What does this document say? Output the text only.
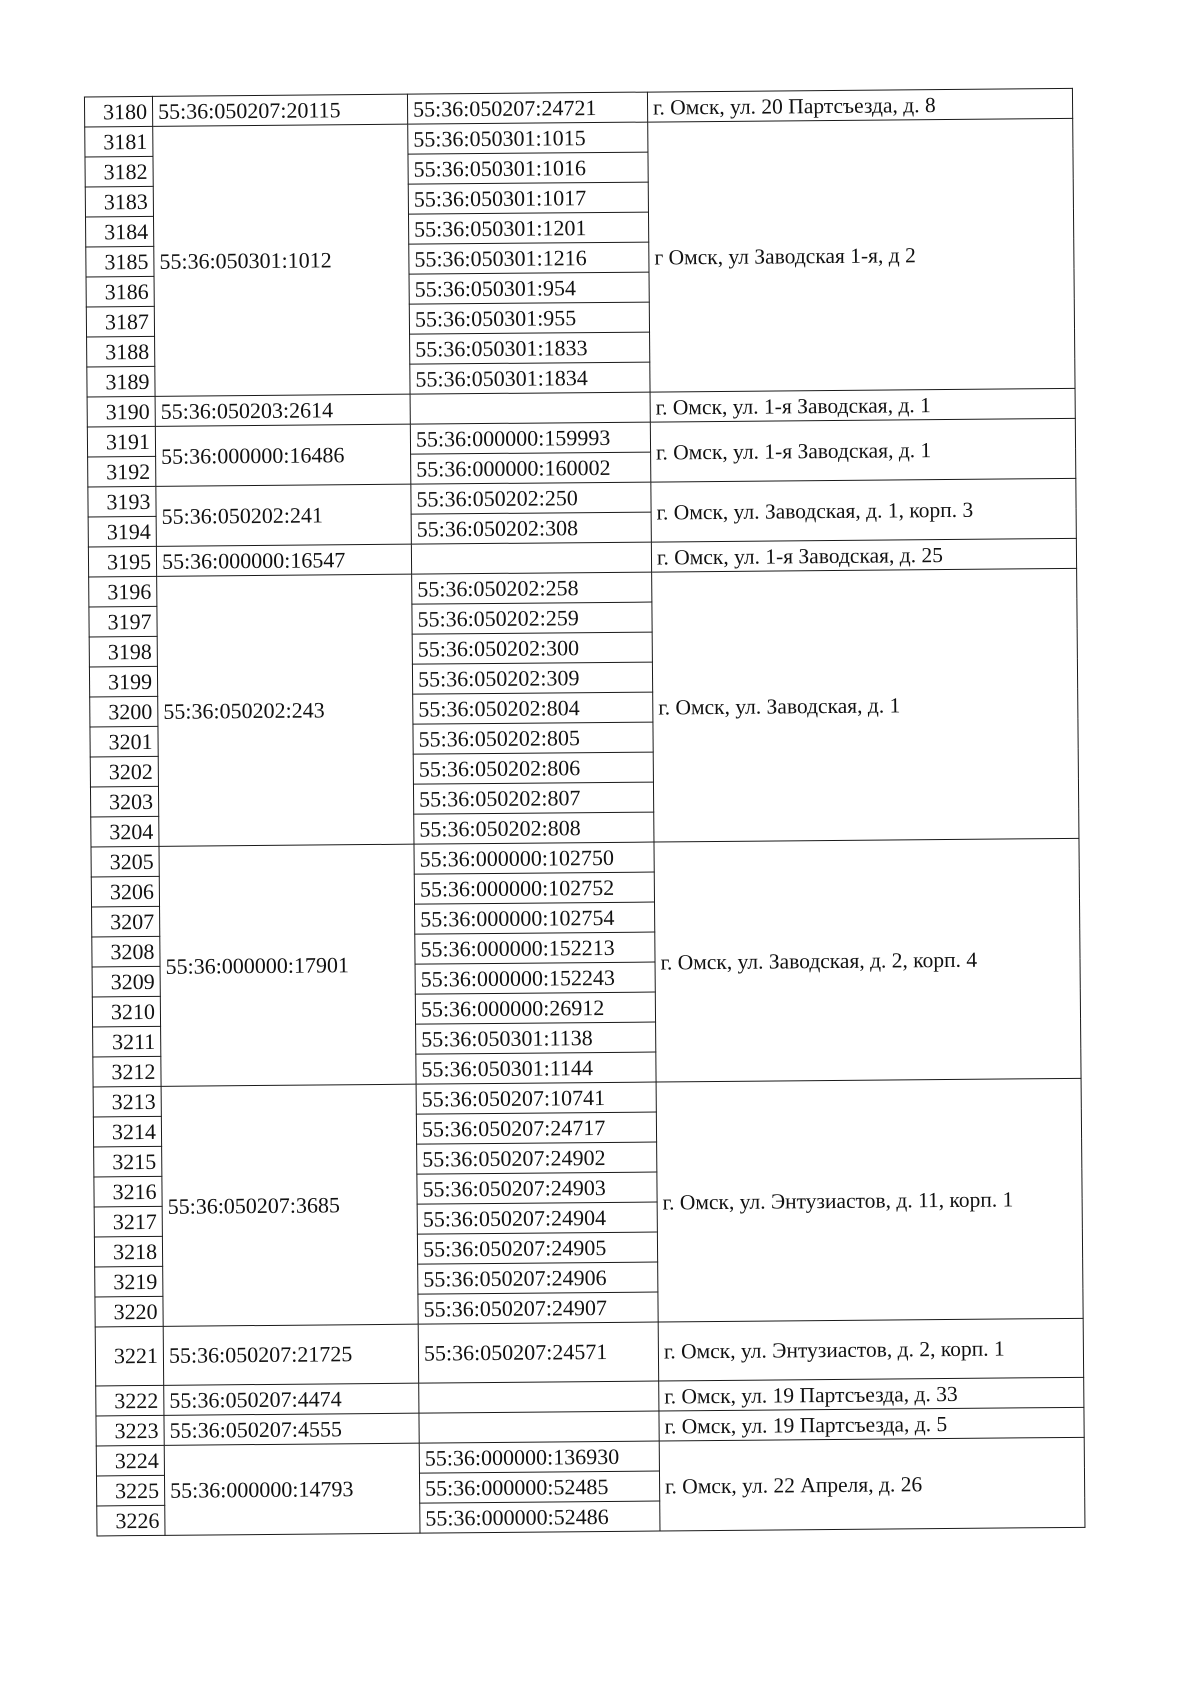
3180	55:36:050207:20115	55:36:050207:24721	г. Омск, ул. 20 Партсъезда, д. 8
3181	55:36:050301:1012	55:36:050301:1015	г Омск, ул Заводская 1-я, д 2
3182		55:36:050301:1016	
3183		55:36:050301:1017	
3184		55:36:050301:1201	
3185		55:36:050301:1216	
3186		55:36:050301:954	
3187		55:36:050301:955	
3188		55:36:050301:1833	
3189		55:36:050301:1834	
3190	55:36:050203:2614		г. Омск, ул. 1-я Заводская, д. 1
3191	55:36:000000:16486	55:36:000000:159993	г. Омск, ул. 1-я Заводская, д. 1
3192		55:36:000000:160002	
3193	55:36:050202:241	55:36:050202:250	г. Омск, ул. Заводская, д. 1, корп. 3
3194		55:36:050202:308	
3195	55:36:000000:16547		г. Омск, ул. 1-я Заводская, д. 25
3196	55:36:050202:243	55:36:050202:258	г. Омск, ул. Заводская, д. 1
3197		55:36:050202:259	
3198		55:36:050202:300	
3199		55:36:050202:309	
3200		55:36:050202:804	
3201		55:36:050202:805	
3202		55:36:050202:806	
3203		55:36:050202:807	
3204		55:36:050202:808	
3205	55:36:000000:17901	55:36:000000:102750	г. Омск, ул. Заводская, д. 2, корп. 4
3206		55:36:000000:102752	
3207		55:36:000000:102754	
3208		55:36:000000:152213	
3209		55:36:000000:152243	
3210		55:36:000000:26912	
3211		55:36:050301:1138	
3212		55:36:050301:1144	
3213	55:36:050207:3685	55:36:050207:10741	г. Омск, ул. Энтузиастов, д. 11, корп. 1
3214		55:36:050207:24717	
3215		55:36:050207:24902	
3216		55:36:050207:24903	
3217		55:36:050207:24904	
3218		55:36:050207:24905	
3219		55:36:050207:24906	
3220		55:36:050207:24907	
3221	55:36:050207:21725	55:36:050207:24571	г. Омск, ул. Энтузиастов, д. 2, корп. 1
3222	55:36:050207:4474		г. Омск, ул. 19 Партсъезда, д. 33
3223	55:36:050207:4555		г. Омск, ул. 19 Партсъезда, д. 5
3224	55:36:000000:14793	55:36:000000:136930	г. Омск, ул. 22 Апреля, д. 26
3225		55:36:000000:52485	
3226		55:36:000000:52486	
